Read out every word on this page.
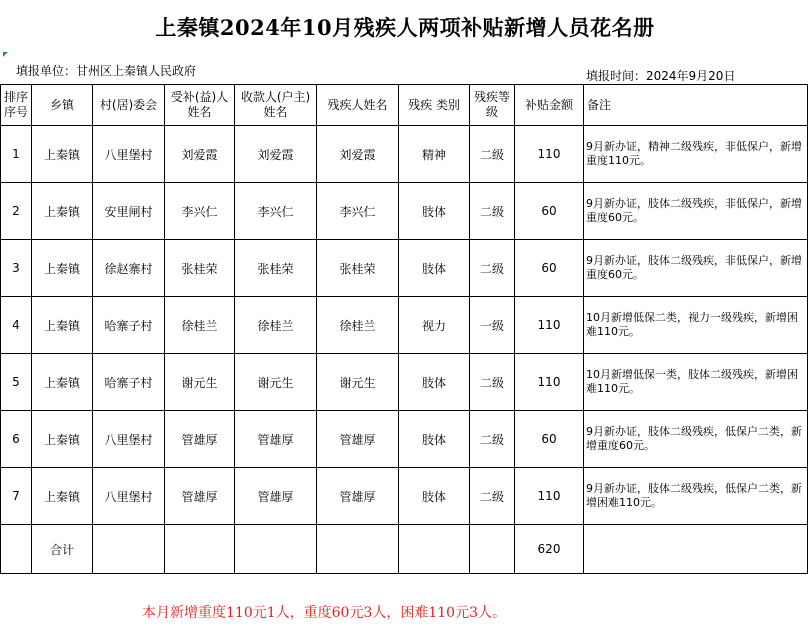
上秦镇2024年10月残疾人两项补贴新增人员花名册
填报单位：甘州区上秦镇人民政府	填报时间：2024年9月20日
排序序号	乡镇	村(居)委会	受补(益)人姓名	收款人(户主)姓名	残疾人姓名	残疾 类别	残疾等级	补贴金额	备注
1	上秦镇	八里堡村	刘爱霞	刘爱霞	刘爱霞	精神	二级	110	9月新办证，精神二级残疾，非低保户，新增重度110元。
2	上秦镇	安里闸村	李兴仁	李兴仁	李兴仁	肢体	二级	60	9月新办证，肢体二级残疾，非低保户，新增重度60元。
3	上秦镇	徐赵寨村	张桂荣	张桂荣	张桂荣	肢体	二级	60	9月新办证，肢体二级残疾，非低保户，新增重度60元。
4	上秦镇	哈寨子村	徐桂兰	徐桂兰	徐桂兰	视力	一级	110	10月新增低保二类，视力一级残疾，新增困难110元。
5	上秦镇	哈寨子村	谢元生	谢元生	谢元生	肢体	二级	110	10月新增低保一类，肢体二级残疾，新增困难110元。
6	上秦镇	八里堡村	管雄厚	管雄厚	管雄厚	肢体	二级	60	9月新办证，肢体二级残疾，低保户二类，新增重度60元。
7	上秦镇	八里堡村	管雄厚	管雄厚	管雄厚	肢体	二级	110	9月新办证，肢体二级残疾，低保户二类，新增困难110元。
	合计							620	
本月新增重度110元1人，重度60元3人，困难110元3人。
